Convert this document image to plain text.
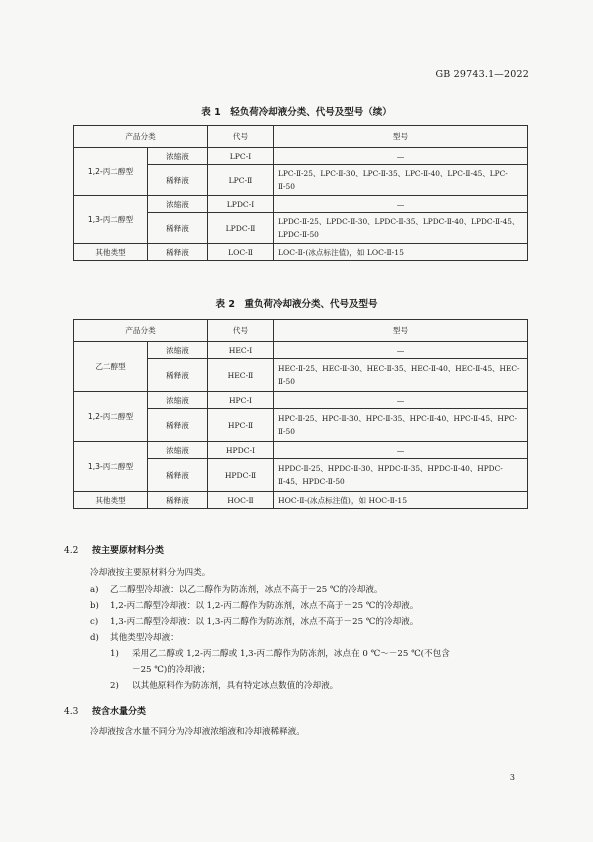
GB 29743.1—2022
表 1　轻负荷冷却液分类、代号及型号（续）
产品分类		代号	型号
1,2-丙二醇型	浓缩液	LPC-Ⅰ	—
	稀释液	LPC-Ⅱ	LPC-Ⅱ-25、LPC-Ⅱ-30、LPC-Ⅱ-35、LPC-Ⅱ-40、LPC-Ⅱ-45、LPC-Ⅱ-50
1,3-丙二醇型	浓缩液	LPDC-Ⅰ	—
	稀释液	LPDC-Ⅱ	LPDC-Ⅱ-25、LPDC-Ⅱ-30、LPDC-Ⅱ-35、LPDC-Ⅱ-40、LPDC-Ⅱ-45、LPDC-Ⅱ-50
其他类型	稀释液	LOC-Ⅱ	LOC-Ⅱ-(冰点标注值)，如 LOC-Ⅱ-15
表 2　重负荷冷却液分类、代号及型号
产品分类		代号	型号
乙二醇型	浓缩液	HEC-Ⅰ	—
	稀释液	HEC-Ⅱ	HEC-Ⅱ-25、HEC-Ⅱ-30、HEC-Ⅱ-35、HEC-Ⅱ-40、HEC-Ⅱ-45、HEC-Ⅱ-50
1,2-丙二醇型	浓缩液	HPC-Ⅰ	—
	稀释液	HPC-Ⅱ	HPC-Ⅱ-25、HPC-Ⅱ-30、HPC-Ⅱ-35、HPC-Ⅱ-40、HPC-Ⅱ-45、HPC-Ⅱ-50
1,3-丙二醇型	浓缩液	HPDC-Ⅰ	—
	稀释液	HPDC-Ⅱ	HPDC-Ⅱ-25、HPDC-Ⅱ-30、HPDC-Ⅱ-35、HPDC-Ⅱ-40、HPDC-Ⅱ-45、HPDC-Ⅱ-50
其他类型	稀释液	HOC-Ⅱ	HOC-Ⅱ-(冰点标注值)，如 HOC-Ⅱ-15
4.2 按主要原材料分类
冷却液按主要原材料分为四类。
a) 乙二醇型冷却液：以乙二醇作为防冻剂，冰点不高于－25 ℃的冷却液。
b) 1,2-丙二醇型冷却液：以 1,2-丙二醇作为防冻剂，冰点不高于－25 ℃的冷却液。
c) 1,3-丙二醇型冷却液：以 1,3-丙二醇作为防冻剂，冰点不高于－25 ℃的冷却液。
d) 其他类型冷却液：
1) 采用乙二醇或 1,2-丙二醇或 1,3-丙二醇作为防冻剂，冰点在 0 ℃～－25 ℃(不包含
－25 ℃)的冷却液；
2) 以其他原料作为防冻剂，具有特定冰点数值的冷却液。
4.3 按含水量分类
冷却液按含水量不同分为冷却液浓缩液和冷却液稀释液。
3
